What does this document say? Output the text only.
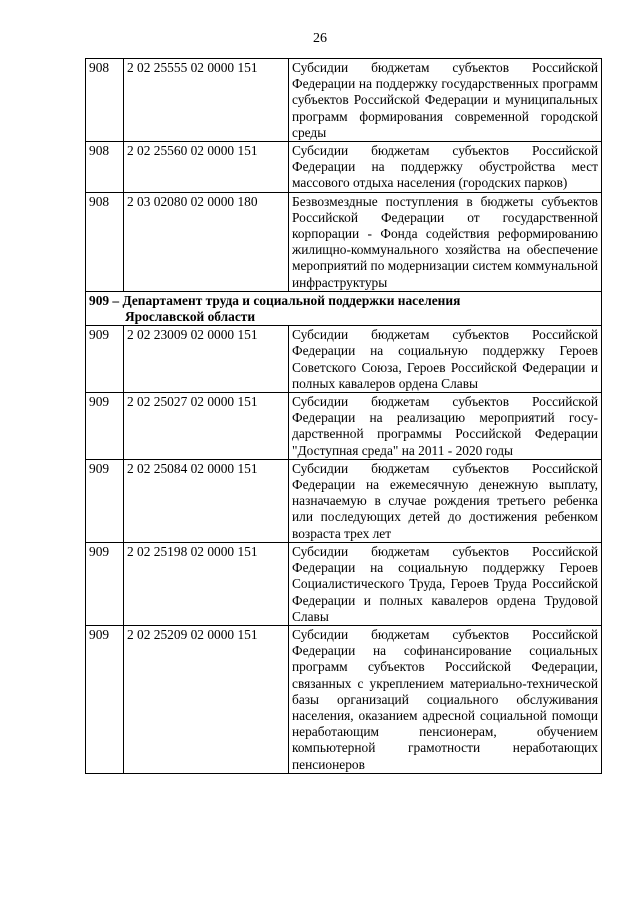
26
908	2 02 25555 02 0000 151	Субсидии бюджетам субъектов Российской Федерации на поддержку государственных программ субъектов Российской Федерации и муниципальных программ формирования современной городской среды
908	2 02 25560 02 0000 151	Субсидии бюджетам субъектов Российской Федерации на поддержку обустройства мест массового отдыха населения (городских парков)
908	2 03 02080 02 0000 180	Безвозмездные поступления в бюджеты субъектов Российской Федерации от государственной корпорации - Фонда содействия реформированию жилищно-коммунального хозяйства на обеспечение мероприятий по модернизации систем коммунальной инфраструктуры
909 – Департамент труда и социальной поддержки населения
Ярославской области		

909	2 02 23009 02 0000 151	Субсидии бюджетам субъектов Российской Федерации на социальную поддержку Героев Советского Союза, Героев Российской Федерации и полных кавалеров ордена Славы
909	2 02 25027 02 0000 151	Субсидии бюджетам субъектов Российской Федерации на реализацию мероприятий государственной программы Российской Федерации "Доступная среда" на 2011 - 2020 годы
909	2 02 25084 02 0000 151	Субсидии бюджетам субъектов Российской Федерации на ежемесячную денежную выплату, назначаемую в случае рождения третьего ребенка или последующих детей до достижения ребенком возраста трех лет
909	2 02 25198 02 0000 151	Субсидии бюджетам субъектов Российской Федерации на социальную поддержку Героев Социалистического Труда, Героев Труда Российской Федерации и полных кавалеров ордена Трудовой Славы
909	2 02 25209 02 0000 151	Субсидии бюджетам субъектов Российской Федерации на софинансирование социальных программ субъектов Российской Федерации, связанных с укреплением материально-технической базы организаций социального обслуживания населения, оказанием адресной социальной помощи неработающим пенсионерам, обучением компьютерной грамотности неработающих пенсионеров
